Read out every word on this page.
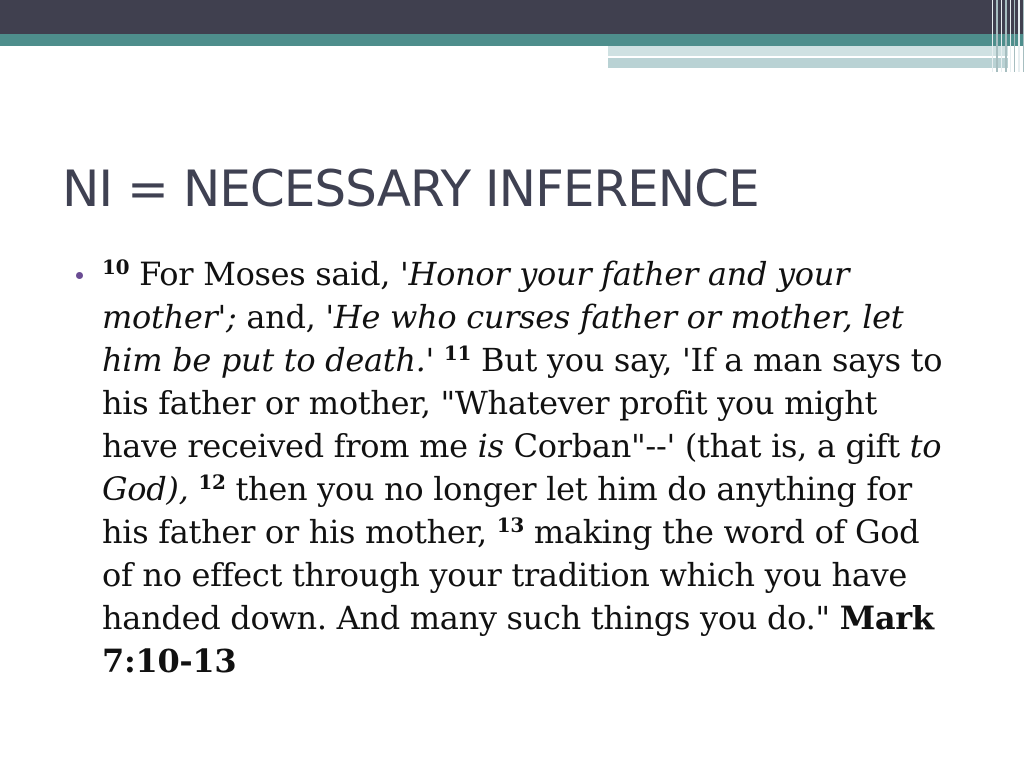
NI = NECESSARY INFERENCE

$^{10}$ For Moses said, 'Honor your father and your mother'; and, 'He who curses father or mother, let him be put to death.' $^{11}$ But you say, 'If a man says to his father or mother, "Whatever profit you might have received from me is Corban"--' (that is, a gift to God), $^{12}$ then you no longer let him do anything for his father or his mother, $^{13}$ making the word of God of no effect through your tradition which you have handed down. And many such things you do." Mark 7:10-13
